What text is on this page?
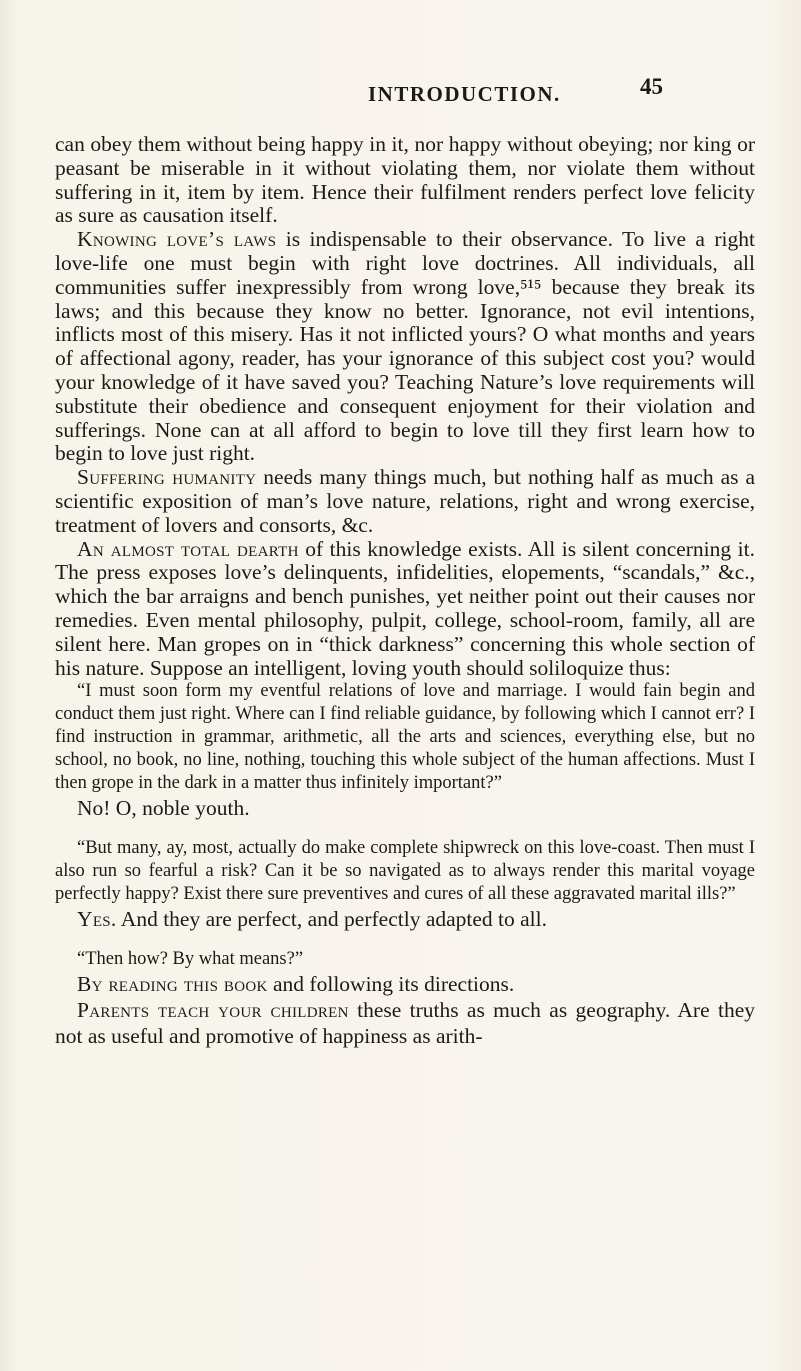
INTRODUCTION.	45

can obey them without being happy in it, nor happy without obeying; nor king or peasant be miserable in it without violating them, nor violate them without suffering in it, item by item. Hence their fulfilment renders perfect love felicity as sure as causation itself.

Knowing love’s laws is indispensable to their observance. To live a right love-life one must begin with right love doctrines. All individuals, all communities suffer inexpressibly from wrong love,⁵¹⁵ because they break its laws; and this because they know no better. Ignorance, not evil intentions, inflicts most of this misery. Has it not inflicted yours? O what months and years of affectional agony, reader, has your ignorance of this subject cost you? would your knowledge of it have saved you? Teaching Nature’s love requirements will substitute their obedience and consequent enjoyment for their violation and sufferings. None can at all afford to begin to love till they first learn how to begin to love just right.

Suffering humanity needs many things much, but nothing half as much as a scientific exposition of man’s love nature, relations, right and wrong exercise, treatment of lovers and consorts, &c.

An almost total dearth of this knowledge exists. All is silent concerning it. The press exposes love’s delinquents, infidelities, elopements, “scandals,” &c., which the bar arraigns and bench punishes, yet neither point out their causes nor remedies. Even mental philosophy, pulpit, college, school-room, family, all are silent here. Man gropes on in “thick darkness” concerning this whole section of his nature. Suppose an intelligent, loving youth should soliloquize thus:

“I must soon form my eventful relations of love and marriage. I would fain begin and conduct them just right. Where can I find reliable guidance, by following which I cannot err? I find instruction in grammar, arithmetic, all the arts and sciences, everything else, but no school, no book, no line, nothing, touching this whole subject of the human affections. Must I then grope in the dark in a matter thus infinitely important?”

No! O, noble youth.

“But many, ay, most, actually do make complete shipwreck on this love-coast. Then must I also run so fearful a risk? Can it be so navigated as to always render this marital voyage perfectly happy? Exist there sure preventives and cures of all these aggravated marital ills?”

Yes. And they are perfect, and perfectly adapted to all.

“Then how? By what means?”

By reading this book and following its directions.

Parents teach your children these truths as much as geography. Are they not as useful and promotive of happiness as arith-
